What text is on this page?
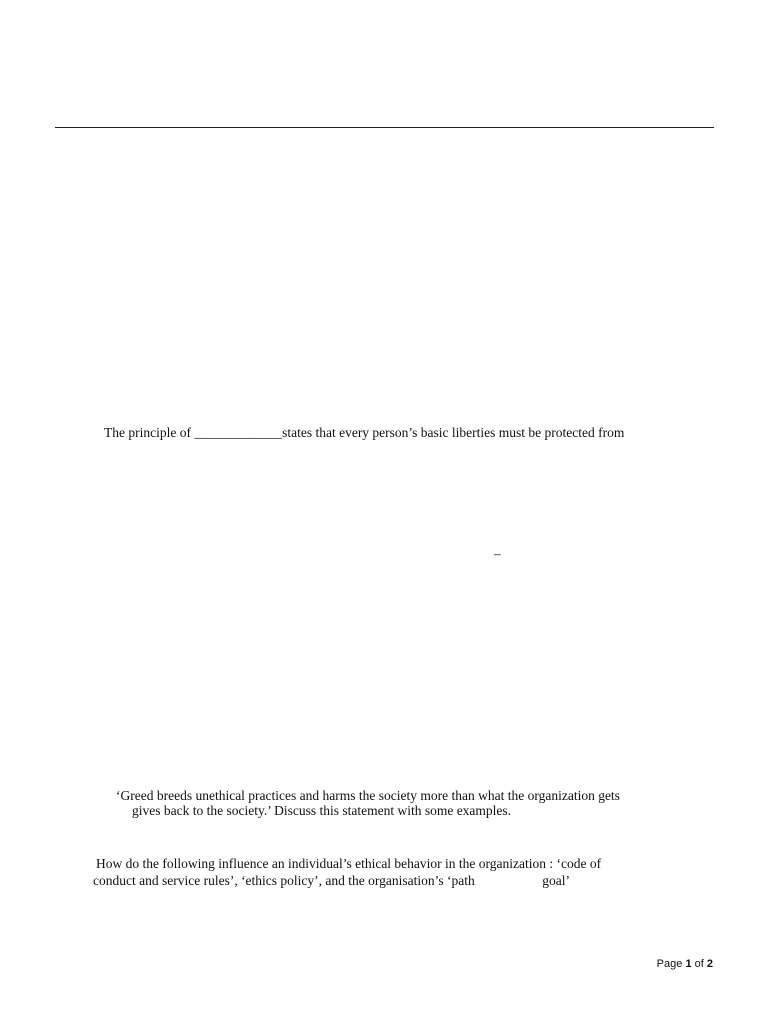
The principle of _____________states that every person’s basic liberties must be protected from
–
‘Greed breeds unethical practices and harms the society more than what the organization gets
gives back to the society.’ Discuss this statement with some examples.
How do the following influence an individual’s ethical behavior in the organization : ‘code of
conduct and service rules’, ‘ethics policy’, and the organisation’s ‘path                    goal’
Page 1 of 2
